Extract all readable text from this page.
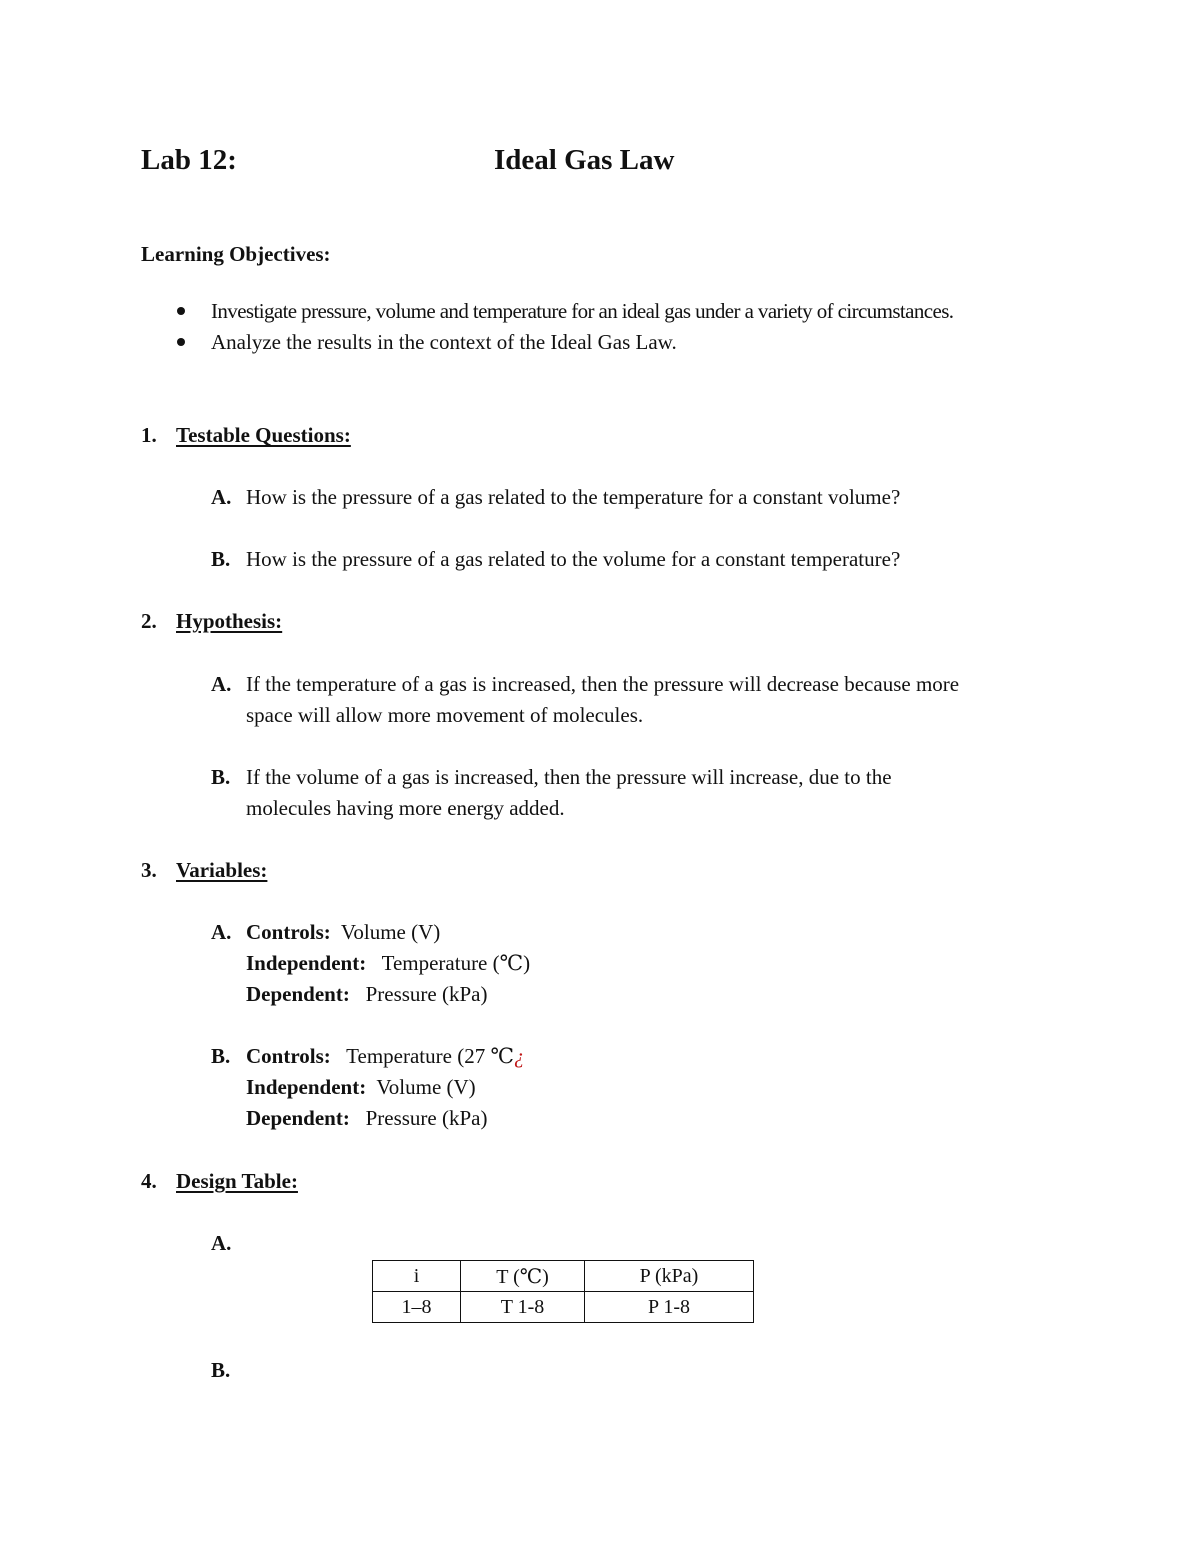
Lab 12:	Ideal Gas Law
Learning Objectives:
Investigate pressure, volume and temperature for an ideal gas under a variety of circumstances.
Analyze the results in the context of the Ideal Gas Law.
1. Testable Questions:
A. How is the pressure of a gas related to the temperature for a constant volume?
B. How is the pressure of a gas related to the volume for a constant temperature?
2. Hypothesis:
A. If the temperature of a gas is increased, then the pressure will decrease because more
space will allow more movement of molecules.
B. If the volume of a gas is increased, then the pressure will increase, due to the
molecules having more energy added.
3. Variables:
A. Controls: Volume (V)
Independent: Temperature (℃)
Dependent: Pressure (kPa)
B. Controls: Temperature (27 ℃¿
Independent: Volume (V)
Dependent: Pressure (kPa)
4. Design Table:
A.
i	T (℃)	P (kPa)
1–8	T 1-8	P 1-8
B.
